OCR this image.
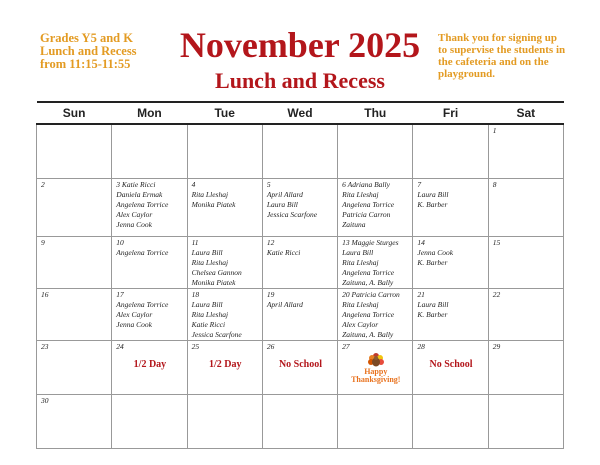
Grades Y5 and K
Lunch and Recess
from 11:15-11:55	November 2025
Lunch and Recess
Thank you for signing up to supervise the students in the cafeteria and on the playground.
Sun	Mon	Tue	Wed	Thu	Fri	Sat

						1

2	3 Katie Ricci
Daniela Ermak
Angelena Torrice
Alex Caylor
Jenna Cook	4
Rita Lleshaj
Monika Piatek	5
April Allard
Laura Bill
Jessica Scarfone	6 Adriana Bally
Rita Lleshaj
Angelena Torrice
Patricia Carron
Zaituna	7
Laura Bill
K. Barber	8

9	10
Angelena Torrice	11
Laura Bill
Rita Lleshaj
Chelsea Gannon
Monika Piatek	12
Katie Ricci	13 Maggie Sturges
Laura Bill
Rita Lleshaj
Angelena Torrice
Zaituna, A. Bally	14
Jenna Cook
K. Barber	15

16	17
Angelena Torrice
Alex Caylor
Jenna Cook	18
Laura Bill
Rita Lleshaj
Katie Ricci
Jessica Scarfone	19
April Allard	20 Patricia Carron
Rita Lleshaj
Angelena Torrice
Alex Caylor
Zaituna, A. Bally	21
Laura Bill
K. Barber	22

23	24
1/2 Day	25
1/2 Day	26
No School	27
Happy
Thanksgiving!	28
No School	29

30						
